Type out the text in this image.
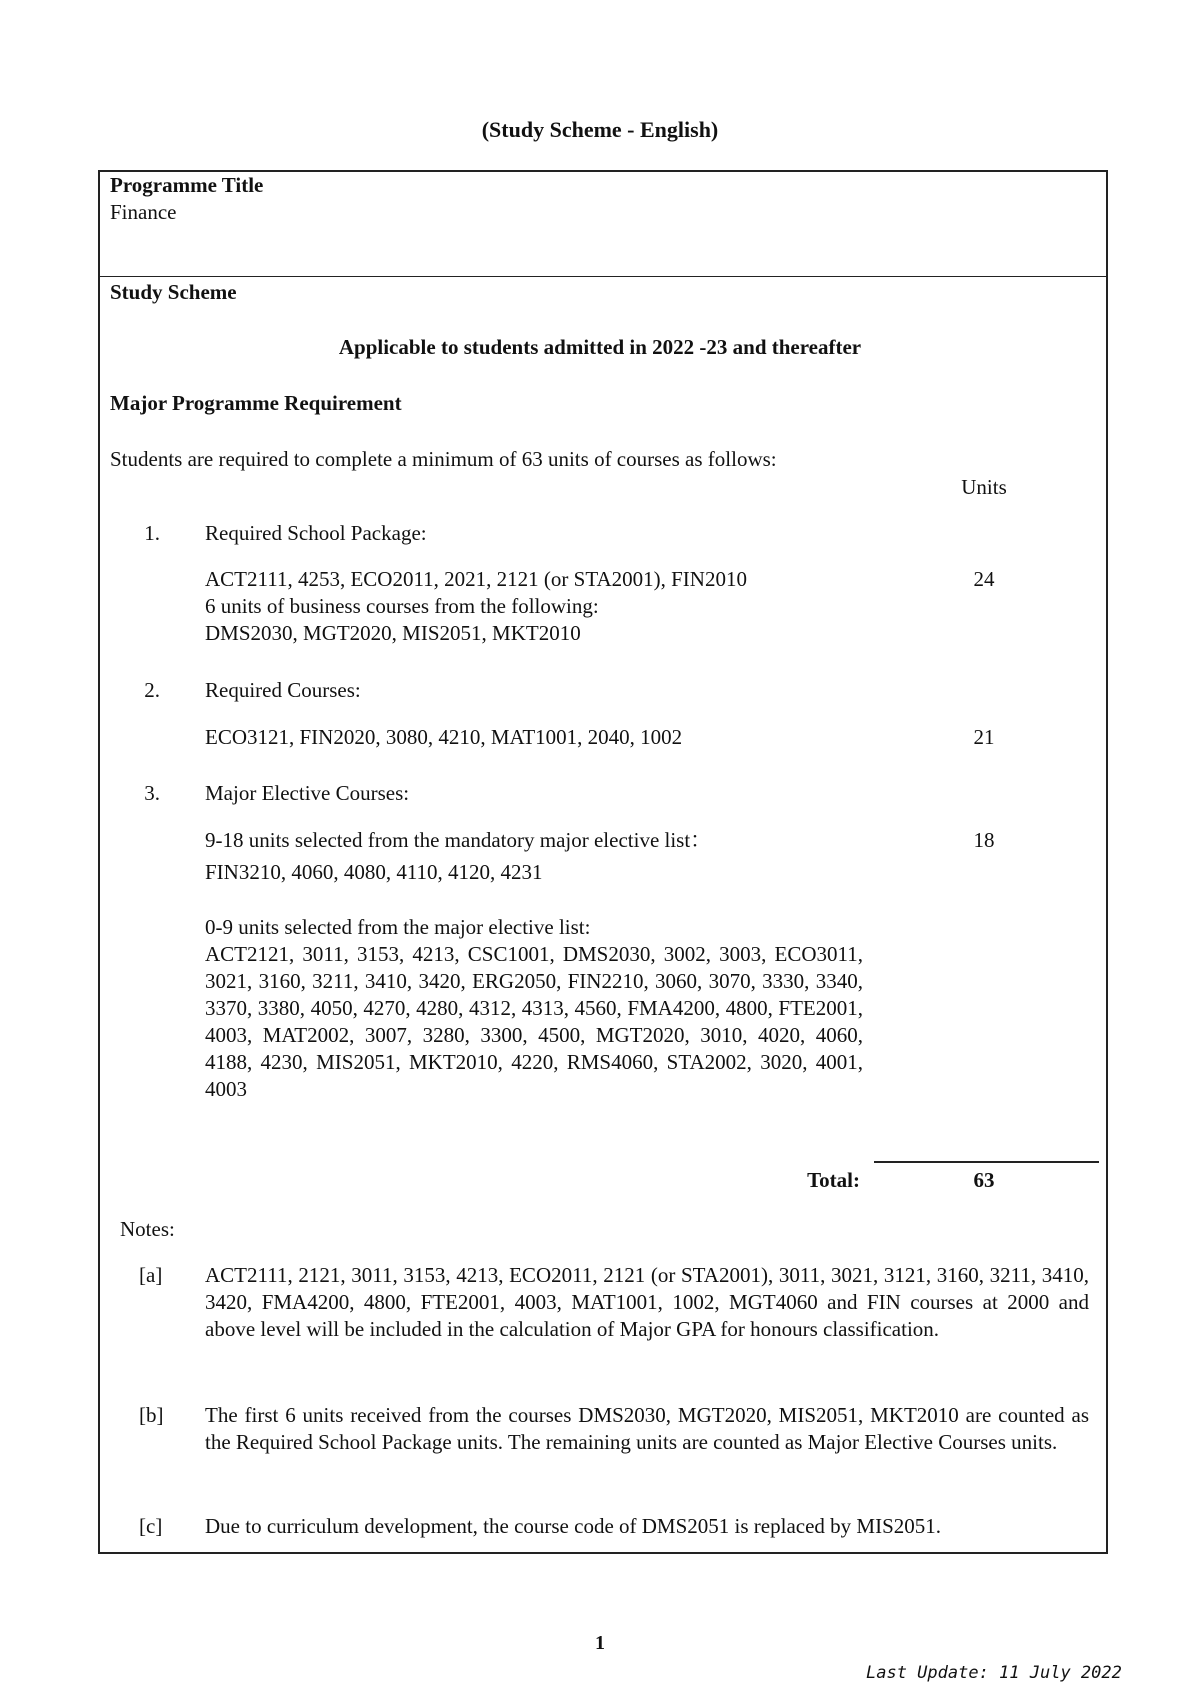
(Study Scheme - English)
Programme Title
Finance
Study Scheme
Applicable to students admitted in 2022 -23 and thereafter
Major Programme Requirement
Students are required to complete a minimum of 63 units of courses as follows:
Units
1. Required School Package:
ACT2111, 4253, ECO2011, 2021, 2121 (or STA2001), FIN2010	24
6 units of business courses from the following:
DMS2030, MGT2020, MIS2051, MKT2010
2. Required Courses:
ECO3121, FIN2020, 3080, 4210, MAT1001, 2040, 1002	21
3. Major Elective Courses:
9-18 units selected from the mandatory major elective list：	18
FIN3210, 4060, 4080, 4110, 4120, 4231
0-9 units selected from the major elective list:
ACT2121, 3011, 3153, 4213, CSC1001, DMS2030, 3002, 3003, ECO3011, 3021, 3160, 3211, 3410, 3420, ERG2050, FIN2210, 3060, 3070, 3330, 3340, 3370, 3380, 4050, 4270, 4280, 4312, 4313, 4560, FMA4200, 4800, FTE2001, 4003, MAT2002, 3007, 3280, 3300, 4500, MGT2020, 3010, 4020, 4060, 4188, 4230, MIS2051, MKT2010, 4220, RMS4060, STA2002, 3020, 4001, 4003
Total:	63
Notes:
[a] ACT2111, 2121, 3011, 3153, 4213, ECO2011, 2121 (or STA2001), 3011, 3021, 3121, 3160, 3211, 3410, 3420, FMA4200, 4800, FTE2001, 4003, MAT1001, 1002, MGT4060 and FIN courses at 2000 and above level will be included in the calculation of Major GPA for honours classification.
[b] The first 6 units received from the courses DMS2030, MGT2020, MIS2051, MKT2010 are counted as the Required School Package units. The remaining units are counted as Major Elective Courses units.
[c] Due to curriculum development, the course code of DMS2051 is replaced by MIS2051.
1
Last Update: 11 July 2022
